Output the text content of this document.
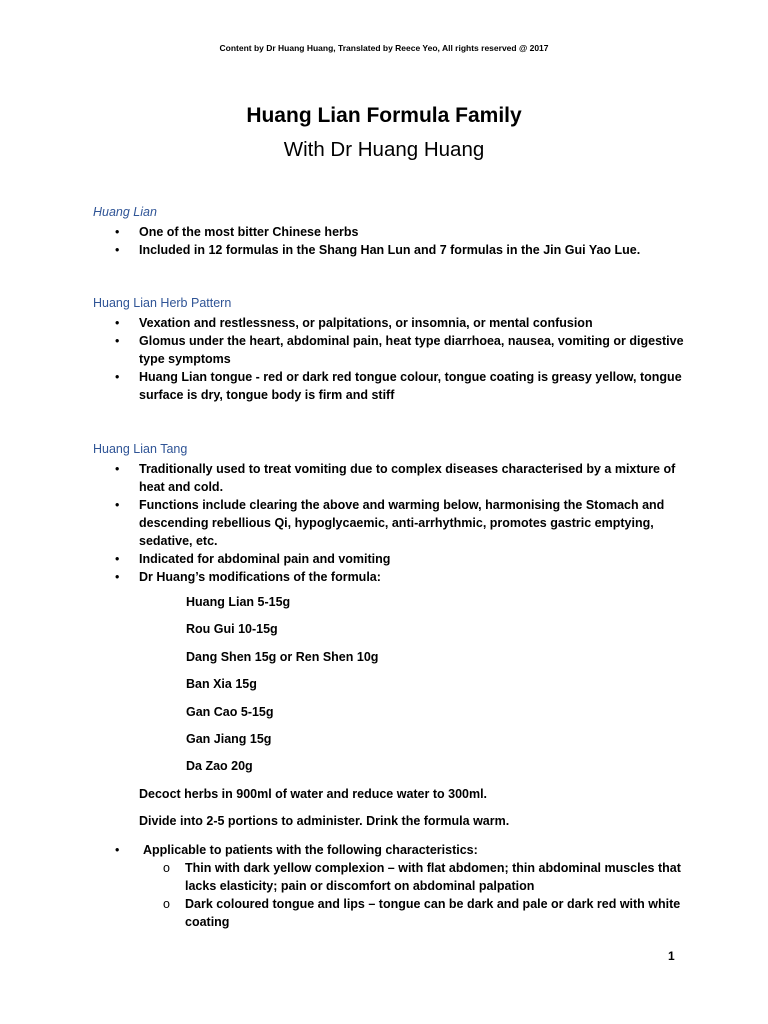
Content by Dr Huang Huang, Translated by Reece Yeo, All rights reserved @ 2017
Huang Lian Formula Family
With Dr Huang Huang
Huang Lian
• One of the most bitter Chinese herbs
• Included in 12 formulas in the Shang Han Lun and 7 formulas in the Jin Gui Yao Lue.
Huang Lian Herb Pattern
• Vexation and restlessness, or palpitations, or insomnia, or mental confusion
• Glomus under the heart, abdominal pain, heat type diarrhoea, nausea, vomiting or digestive type symptoms
• Huang Lian tongue - red or dark red tongue colour, tongue coating is greasy yellow, tongue surface is dry, tongue body is firm and stiff
Huang Lian Tang
• Traditionally used to treat vomiting due to complex diseases characterised by a mixture of heat and cold.
• Functions include clearing the above and warming below, harmonising the Stomach and descending rebellious Qi, hypoglycaemic, anti-arrhythmic, promotes gastric emptying, sedative, etc.
• Indicated for abdominal pain and vomiting
• Dr Huang’s modifications of the formula:
Huang Lian 5-15g
Rou Gui 10-15g
Dang Shen 15g or Ren Shen 10g
Ban Xia 15g
Gan Cao 5-15g
Gan Jiang 15g
Da Zao 20g
Decoct herbs in 900ml of water and reduce water to 300ml.
Divide into 2-5 portions to administer. Drink the formula warm.
• Applicable to patients with the following characteristics:
o Thin with dark yellow complexion – with flat abdomen; thin abdominal muscles that lacks elasticity; pain or discomfort on abdominal palpation
o Dark coloured tongue and lips – tongue can be dark and pale or dark red with white coating
1
